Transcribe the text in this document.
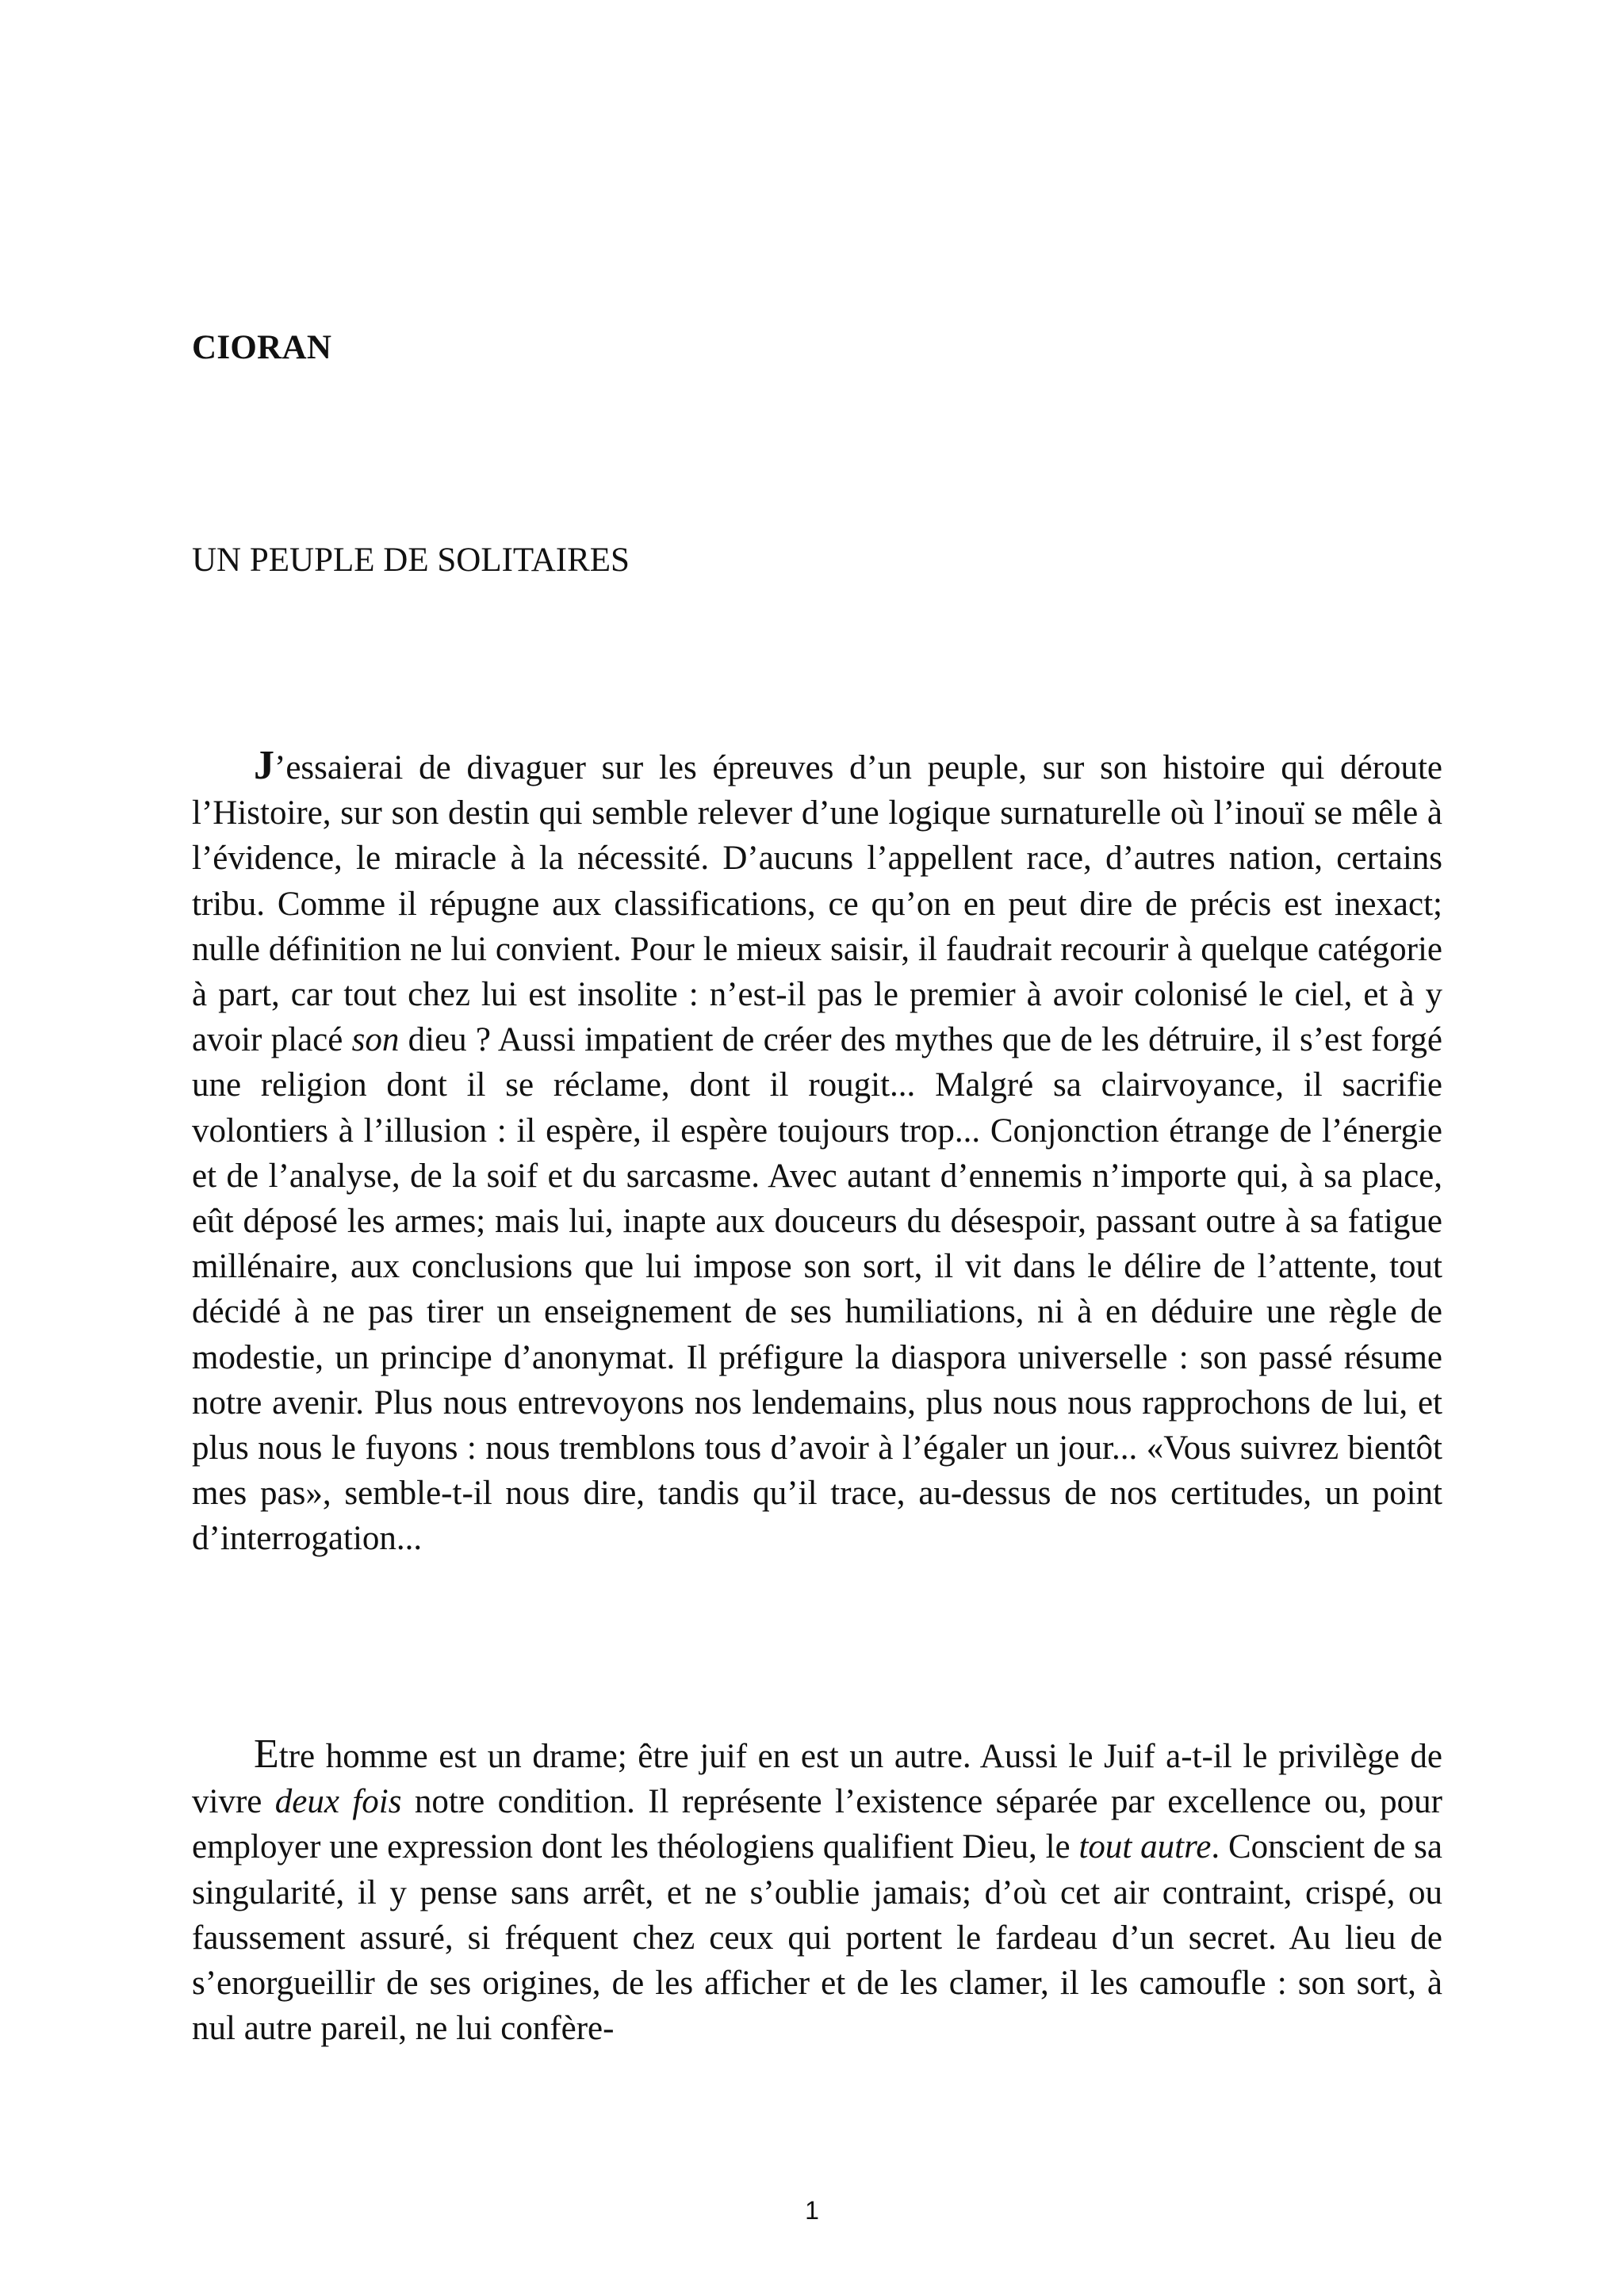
CIORAN
UN PEUPLE DE SOLITAIRES

J’essaierai de divaguer sur les épreuves d’un peuple, sur son histoire qui déroute l’Histoire, sur son destin qui semble relever d’une logique surnaturelle où l’inouï se mêle à l’évidence, le miracle à la nécessité. D’aucuns l’appellent race, d’autres nation, certains tribu. Comme il répugne aux classifications, ce qu’on en peut dire de précis est inexact; nulle définition ne lui convient. Pour le mieux saisir, il faudrait recourir à quelque catégorie à part, car tout chez lui est insolite : n’est-il pas le premier à avoir colonisé le ciel, et à y avoir placé son dieu ? Aussi impatient de créer des mythes que de les détruire, il s’est forgé une religion dont il se réclame, dont il rougit... Malgré sa clairvoyance, il sacrifie volontiers à l’illusion : il espère, il espère toujours trop... Conjonction étrange de l’énergie et de l’analyse, de la soif et du sarcasme. Avec autant d’ennemis n’importe qui, à sa place, eût déposé les armes; mais lui, inapte aux douceurs du désespoir, passant outre à sa fatigue millénaire, aux conclusions que lui impose son sort, il vit dans le délire de l’attente, tout décidé à ne pas tirer un enseignement de ses humiliations, ni à en déduire une règle de modestie, un principe d’anonymat. Il préfigure la diaspora universelle : son passé résume notre avenir. Plus nous entrevoyons nos lendemains, plus nous nous rapprochons de lui, et plus nous le fuyons : nous tremblons tous d’avoir à l’égaler un jour... «Vous suivrez bientôt mes pas», semble-t-il nous dire, tandis qu’il trace, au-dessus de nos certitudes, un point d’interrogation...

Etre homme est un drame; être juif en est un autre. Aussi le Juif a-t-il le privilège de vivre deux fois notre condition. Il représente l’existence séparée par excellence ou, pour employer une expression dont les théologiens qualifient Dieu, le tout autre. Conscient de sa singularité, il y pense sans arrêt, et ne s’oublie jamais; d’où cet air contraint, crispé, ou faussement assuré, si fréquent chez ceux qui portent le fardeau d’un secret. Au lieu de s’enorgueillir de ses origines, de les afficher et de les clamer, il les camoufle : son sort, à nul autre pareil, ne lui confère-

1
